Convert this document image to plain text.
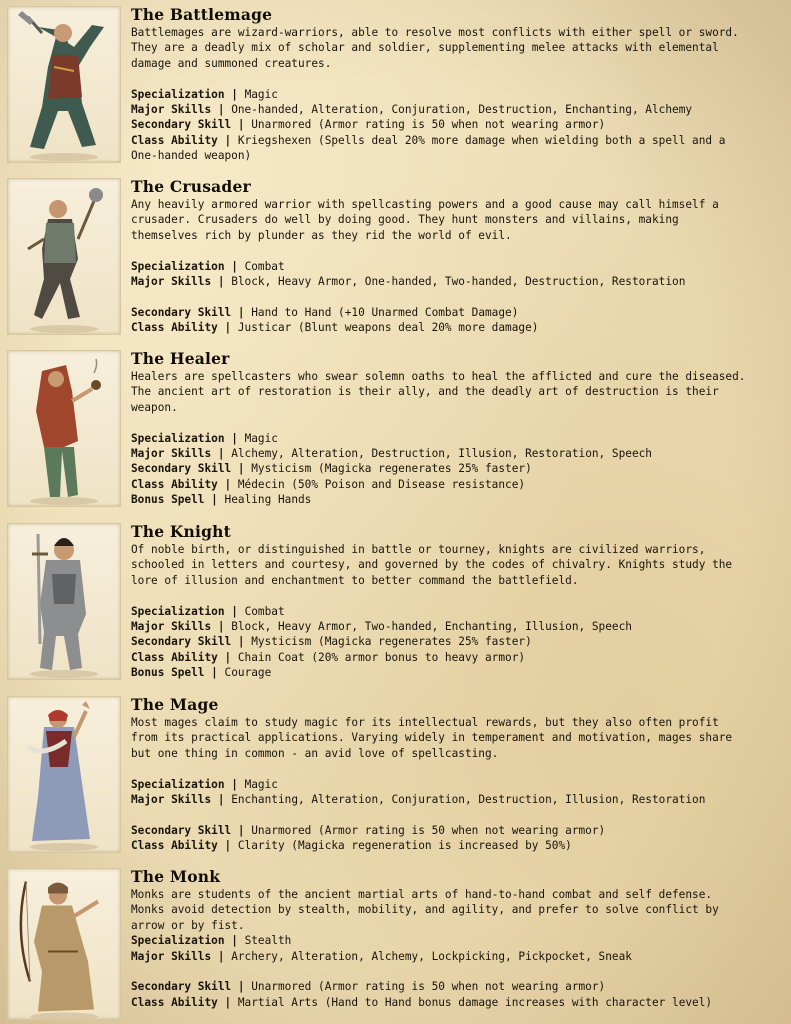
The Battlemage
Battlemages are wizard-warriors, able to resolve most conflicts with either spell or sword.
They are a deadly mix of scholar and soldier, supplementing melee attacks with elemental
damage and summoned creatures.
Specialization | Magic
Major Skills | One-handed, Alteration, Conjuration, Destruction, Enchanting, Alchemy
Secondary Skill | Unarmored (Armor rating is 50 when not wearing armor)
Class Ability | Kriegshexen (Spells deal 20% more damage when wielding both a spell and a
One-handed weapon)
The Crusader
Any heavily armored warrior with spellcasting powers and a good cause may call himself a
crusader. Crusaders do well by doing good. They hunt monsters and villains, making
themselves rich by plunder as they rid the world of evil.
Specialization | Combat
Major Skills | Block, Heavy Armor, One-handed, Two-handed, Destruction, Restoration
Secondary Skill | Hand to Hand (+10 Unarmed Combat Damage)
Class Ability | Justicar (Blunt weapons deal 20% more damage)
The Healer
Healers are spellcasters who swear solemn oaths to heal the afflicted and cure the diseased.
The ancient art of restoration is their ally, and the deadly art of destruction is their
weapon.
Specialization | Magic
Major Skills | Alchemy, Alteration, Destruction, Illusion, Restoration, Speech
Secondary Skill | Mysticism (Magicka regenerates 25% faster)
Class Ability | Médecin (50% Poison and Disease resistance)
Bonus Spell | Healing Hands
The Knight
Of noble birth, or distinguished in battle or tourney, knights are civilized warriors,
schooled in letters and courtesy, and governed by the codes of chivalry. Knights study the
lore of illusion and enchantment to better command the battlefield.
Specialization | Combat
Major Skills | Block, Heavy Armor, Two-handed, Enchanting, Illusion, Speech
Secondary Skill | Mysticism (Magicka regenerates 25% faster)
Class Ability | Chain Coat (20% armor bonus to heavy armor)
Bonus Spell | Courage
The Mage
Most mages claim to study magic for its intellectual rewards, but they also often profit
from its practical applications. Varying widely in temperament and motivation, mages share
but one thing in common - an avid love of spellcasting.
Specialization | Magic
Major Skills | Enchanting, Alteration, Conjuration, Destruction, Illusion, Restoration
Secondary Skill | Unarmored (Armor rating is 50 when not wearing armor)
Class Ability | Clarity (Magicka regeneration is increased by 50%)
The Monk
Monks are students of the ancient martial arts of hand-to-hand combat and self defense.
Monks avoid detection by stealth, mobility, and agility, and prefer to solve conflict by
arrow or by fist.
Specialization | Stealth
Major Skills | Archery, Alteration, Alchemy, Lockpicking, Pickpocket, Sneak
Secondary Skill | Unarmored (Armor rating is 50 when not wearing armor)
Class Ability | Martial Arts (Hand to Hand bonus damage increases with character level)
